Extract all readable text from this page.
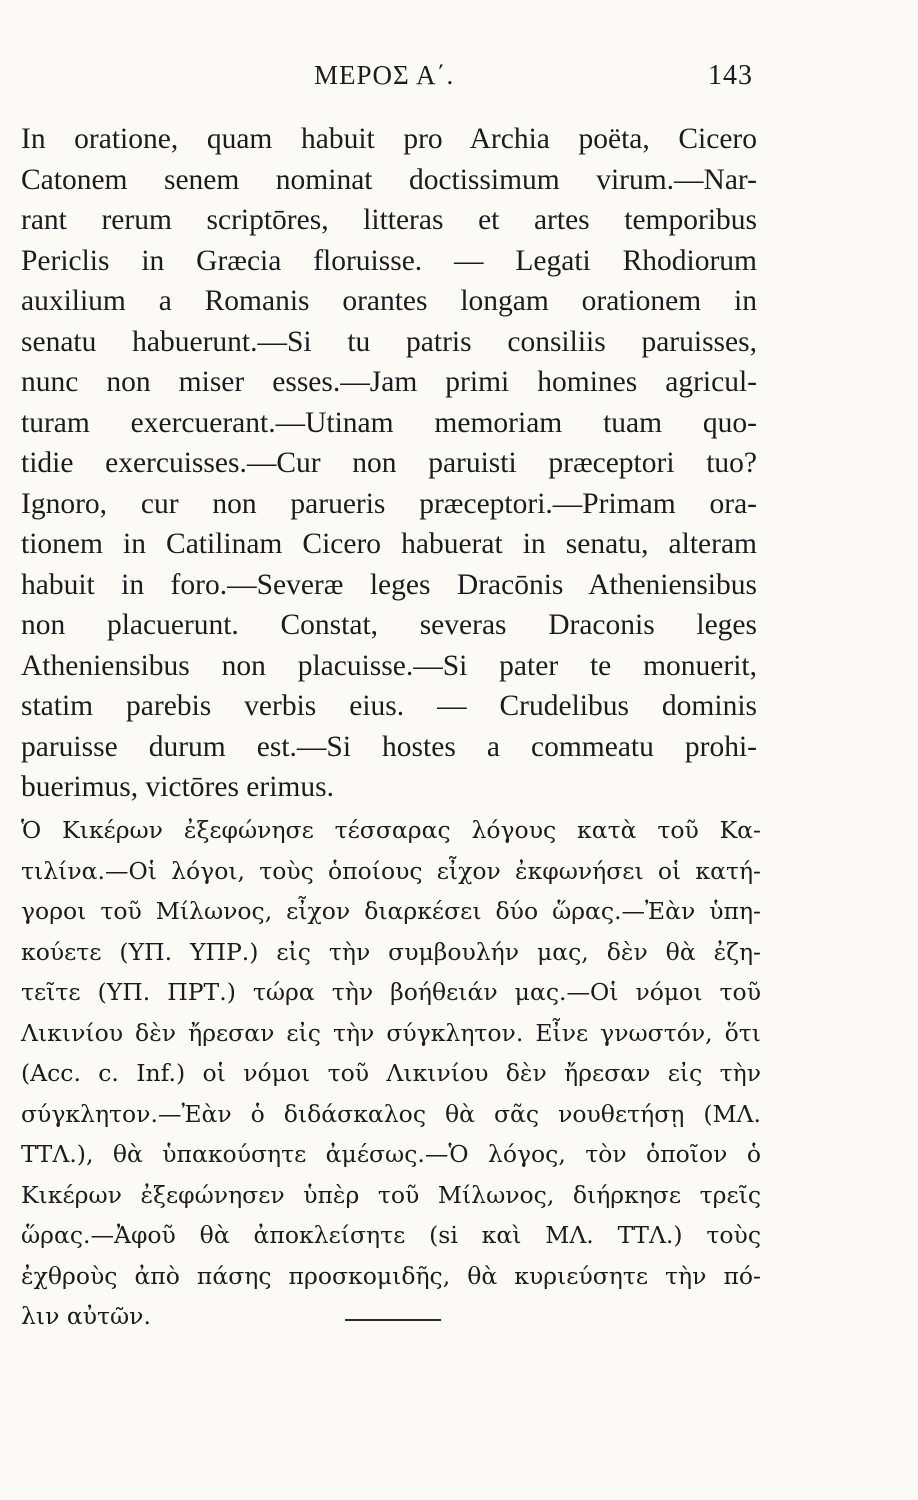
ΜΕΡΟΣ Α΄.	143
In oratione, quam habuit pro Archia poëta, Cicero
Catonem senem nominat doctissimum virum.—Nar-
rant rerum scriptōres, litteras et artes temporibus
Periclis in Græcia floruisse. — Legati Rhodiorum
auxilium a Romanis orantes longam orationem in
senatu habuerunt.—Si tu patris consiliis paruisses,
nunc non miser esses.—Jam primi homines agricul-
turam exercuerant.—Utinam memoriam tuam quo-
tidie exercuisses.—Cur non paruisti præceptori tuo?
Ignoro, cur non parueris præceptori.—Primam ora-
tionem in Catilinam Cicero habuerat in senatu, alteram
habuit in foro.—Severæ leges Dracōnis Atheniensibus
non placuerunt. Constat, severas Draconis leges
Atheniensibus non placuisse.—Si pater te monuerit,
statim parebis verbis eius. — Crudelibus dominis
paruisse durum est.—Si hostes a commeatu prohi-
buerimus, victōres erimus.
Ὁ Κικέρων ἐξεφώνησε τέσσαρας λόγους κατὰ τοῦ Κα-
τιλίνα.—Οἱ λόγοι, τοὺς ὁποίους εἶχον ἐκφωνήσει οἱ κατή-
γοροι τοῦ Μίλωνος, εἶχον διαρκέσει δύο ὥρας.—Ἐὰν ὑπη-
κούετε (ΥΠ. ΥΠΡ.) εἰς τὴν συμβουλήν μας, δὲν θὰ ἐζη-
τεῖτε (ΥΠ. ΠΡΤ.) τώρα τὴν βοήθειάν μας.—Οἱ νόμοι τοῦ
Λικινίου δὲν ἤρεσαν εἰς τὴν σύγκλητον. Εἶνε γνωστόν, ὅτι
(Acc. c. Inf.) οἱ νόμοι τοῦ Λικινίου δὲν ἤρεσαν εἰς τὴν
σύγκλητον.—Ἐὰν ὁ διδάσκαλος θὰ σᾶς νουθετήσῃ (ΜΛ.
ΤΤΛ.), θὰ ὑπακούσητε ἀμέσως.—Ὁ λόγος, τὸν ὁποῖον ὁ
Κικέρων ἐξεφώνησεν ὑπὲρ τοῦ Μίλωνος, διήρκησε τρεῖς
ὥρας.—Ἀφοῦ θὰ ἀποκλείσητε (si καὶ ΜΛ. ΤΤΛ.) τοὺς
ἐχθροὺς ἀπὸ πάσης προσκομιδῆς, θὰ κυριεύσητε τὴν πό-
λιν αὐτῶν.
